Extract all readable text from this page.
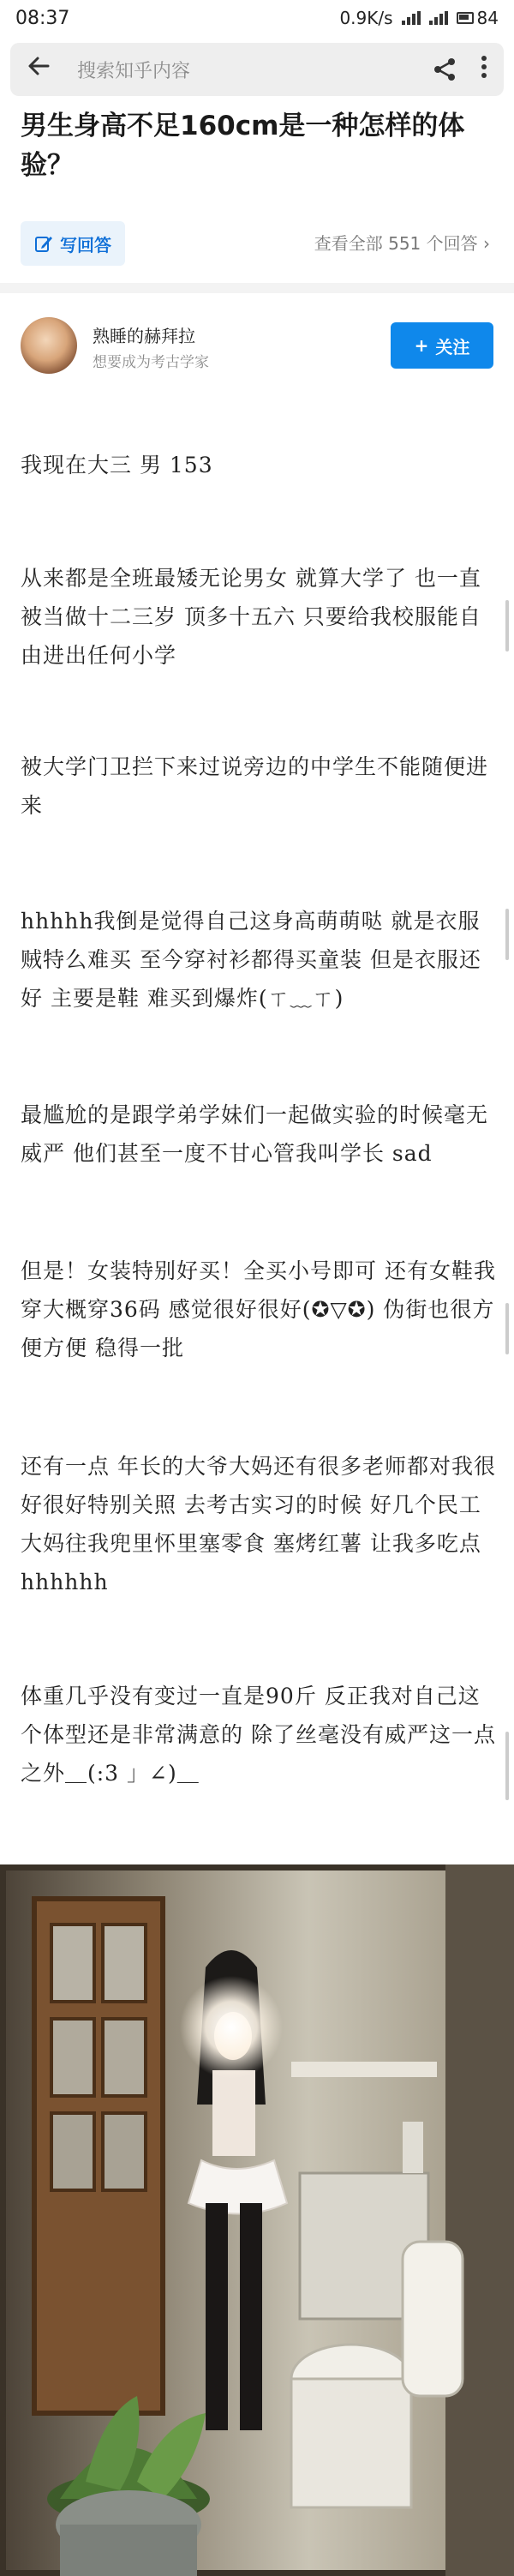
08:37	0.9K/s	84
搜索知乎内容
男生身高不足160cm是一种怎样的体验？
写回答	查看全部 551 个回答 ›
熟睡的赫拜拉
想要成为考古学家
+ 关注
我现在大三 男 153
从来都是全班最矮无论男女 就算大学了 也一直被当做十二三岁 顶多十五六 只要给我校服能自由进出任何小学
被大学门卫拦下来过说旁边的中学生不能随便进来
hhhhh我倒是觉得自己这身高萌萌哒 就是衣服贼特么难买 至今穿衬衫都得买童装 但是衣服还好 主要是鞋 难买到爆炸(ㄒ﹏ㄒ)
最尴尬的是跟学弟学妹们一起做实验的时候毫无威严 他们甚至一度不甘心管我叫学长 sad
但是！女装特别好买！全买小号即可 还有女鞋我穿大概穿36码 感觉很好很好(✪▽✪) 伪街也很方便方便 稳得一批
还有一点 年长的大爷大妈还有很多老师都对我很好很好特别关照 去考古实习的时候 好几个民工大妈往我兜里怀里塞零食 塞烤红薯 让我多吃点hhhhhh
体重几乎没有变过一直是90斤 反正我对自己这个体型还是非常满意的 除了丝毫没有威严这一点之外＿(:3 」∠)＿
